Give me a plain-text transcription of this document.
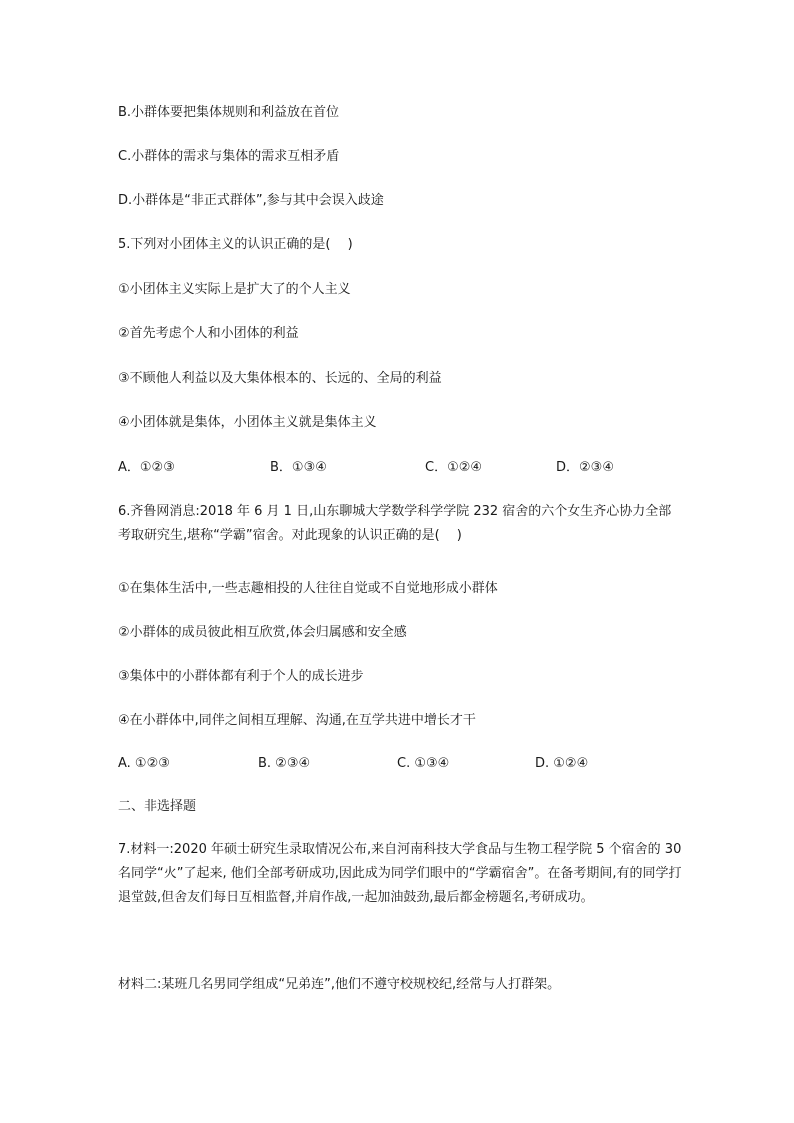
B.小群体要把集体规则和利益放在首位
C.小群体的需求与集体的需求互相矛盾
D.小群体是“非正式群体”,参与其中会误入歧途
5.下列对小团体主义的认识正确的是(　 )
①小团体主义实际上是扩大了的个人主义
②首先考虑个人和小团体的利益
③不顾他人利益以及大集体根本的、长远的、全局的利益
④小团体就是集体，小团体主义就是集体主义
A．①②③	B．①③④	C．①②④	D．②③④
6.齐鲁网消息:2018 年 6 月 1 日,山东聊城大学数学科学学院 232 宿舍的六个女生齐心协力全部考取研究生,堪称“学霸”宿舍。对此现象的认识正确的是(　 )
①在集体生活中,一些志趣相投的人往往自觉或不自觉地形成小群体
②小群体的成员彼此相互欣赏,体会归属感和安全感
③集体中的小群体都有利于个人的成长进步
④在小群体中,同伴之间相互理解、沟通,在互学共进中增长才干
A. ①②③	B. ②③④	C. ①③④	D. ①②④
二、非选择题
7.材料一:2020 年硕士研究生录取情况公布,来自河南科技大学食品与生物工程学院 5 个宿舍的 30 名同学“火”了起来, 他们全部考研成功,因此成为同学们眼中的“学霸宿舍”。在备考期间,有的同学打退堂鼓,但舍友们每日互相监督,并肩作战,一起加油鼓劲,最后都金榜题名,考研成功。
材料二:某班几名男同学组成“兄弟连”,他们不遵守校规校纪,经常与人打群架。
